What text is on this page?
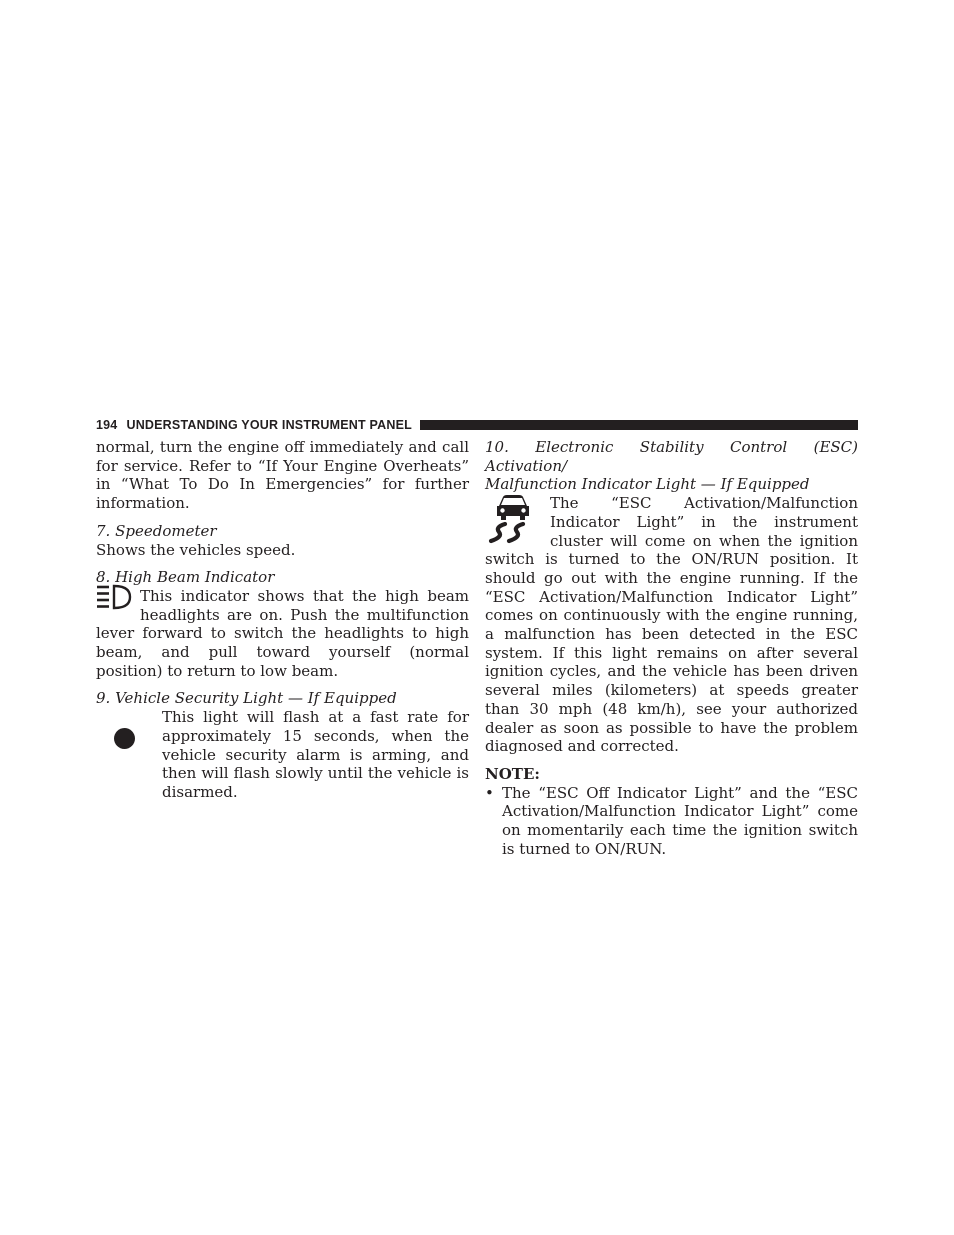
194 UNDERSTANDING YOUR INSTRUMENT PANEL

normal, turn the engine off immediately and call for service. Refer to “If Your Engine Overheats” in “What To Do In Emergencies” for further information.

7. Speedometer

Shows the vehicles speed.

8. High Beam Indicator

This indicator shows that the high beam headlights are on. Push the multifunction lever forward to switch the headlights to high beam, and pull toward yourself (normal position) to return to low beam.

9. Vehicle Security Light — If Equipped

This light will flash at a fast rate for approximately 15 seconds, when the vehicle security alarm is arming, and then will flash slowly until the vehicle is disarmed.

10. Electronic Stability Control (ESC) Activation/

Malfunction Indicator Light — If Equipped

The “ESC Activation/Malfunction Indicator Light” in the instrument cluster will come on when the ignition switch is turned to the ON/RUN position. It should go out with the engine running. If the “ESC Activation/Malfunction Indicator Light” comes on continuously with the engine running, a malfunction has been detected in the ESC system. If this light remains on after several ignition cycles, and the vehicle has been driven several miles (kilometers) at speeds greater than 30 mph (48 km/h), see your authorized dealer as soon as possible to have the problem diagnosed and corrected.

NOTE:

• The “ESC Off Indicator Light” and the “ESC Activation/Malfunction Indicator Light” come on momentarily each time the ignition switch is turned to ON/RUN.
